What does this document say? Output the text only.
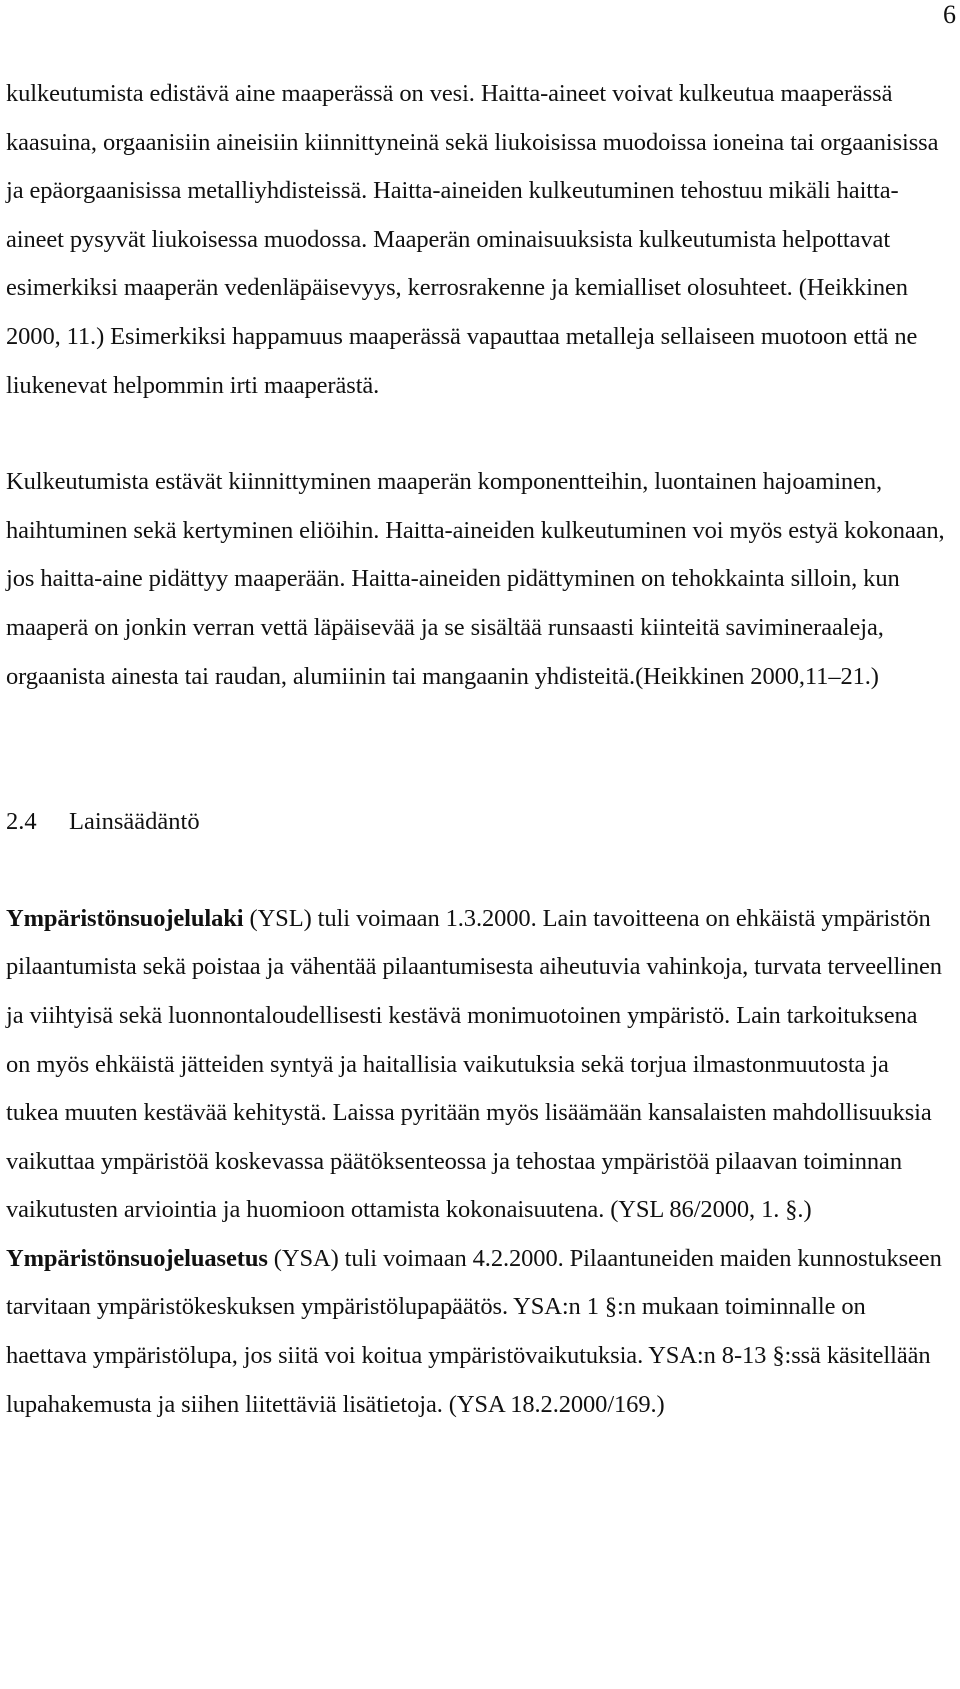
6

kulkeutumista edistävä aine maaperässä on vesi. Haitta-aineet voivat kulkeutua maaperässä kaasuina, orgaanisiin aineisiin kiinnittyneinä sekä liukoisissa muodoissa ioneina tai orgaanisissa ja epäorgaanisissa metalliyhdisteissä. Haitta-aineiden kulkeutuminen tehostuu mikäli haitta-aineet pysyvät liukoisessa muodossa. Maaperän ominaisuuksista kulkeutumista helpottavat esimerkiksi maaperän vedenläpäisevyys, kerrosrakenne ja kemialliset olosuhteet. (Heikkinen 2000, 11.) Esimerkiksi happamuus maaperässä vapauttaa metalleja sellaiseen muotoon että ne liukenevat helpommin irti maaperästä.

Kulkeutumista estävät kiinnittyminen maaperän komponentteihin, luontainen hajoaminen, haihtuminen sekä kertyminen eliöihin. Haitta-aineiden kulkeutuminen voi myös estyä kokonaan, jos haitta-aine pidättyy maaperään. Haitta-aineiden pidättyminen on tehokkainta silloin, kun maaperä on jonkin verran vettä läpäisevää ja se sisältää runsaasti kiinteitä savimineraaleja, orgaanista ainesta tai raudan, alumiinin tai mangaanin yhdisteitä.(Heikkinen 2000,11–21.)

2.4 Lainsäädäntö

Ympäristönsuojelulaki (YSL) tuli voimaan 1.3.2000. Lain tavoitteena on ehkäistä ympäristön pilaantumista sekä poistaa ja vähentää pilaantumisesta aiheutuvia vahinkoja, turvata terveellinen ja viihtyisä sekä luonnontaloudellisesti kestävä monimuotoinen ympäristö. Lain tarkoituksena on myös ehkäistä jätteiden syntyä ja haitallisia vaikutuksia sekä torjua ilmastonmuutosta ja tukea muuten kestävää kehitystä. Laissa pyritään myös lisäämään kansalaisten mahdollisuuksia vaikuttaa ympäristöä koskevassa päätöksenteossa ja tehostaa ympäristöä pilaavan toiminnan vaikutusten arviointia ja huomioon ottamista kokonaisuutena. (YSL 86/2000, 1. §.) Ympäristönsuojeluasetus (YSA) tuli voimaan 4.2.2000. Pilaantuneiden maiden kunnostukseen tarvitaan ympäristökeskuksen ympäristölupapäätös. YSA:n 1 §:n mukaan toiminnalle on haettava ympäristölupa, jos siitä voi koitua ympäristövaikutuksia. YSA:n 8-13 §:ssä käsitellään lupahakemusta ja siihen liitettäviä lisätietoja. (YSA 18.2.2000/169.)
